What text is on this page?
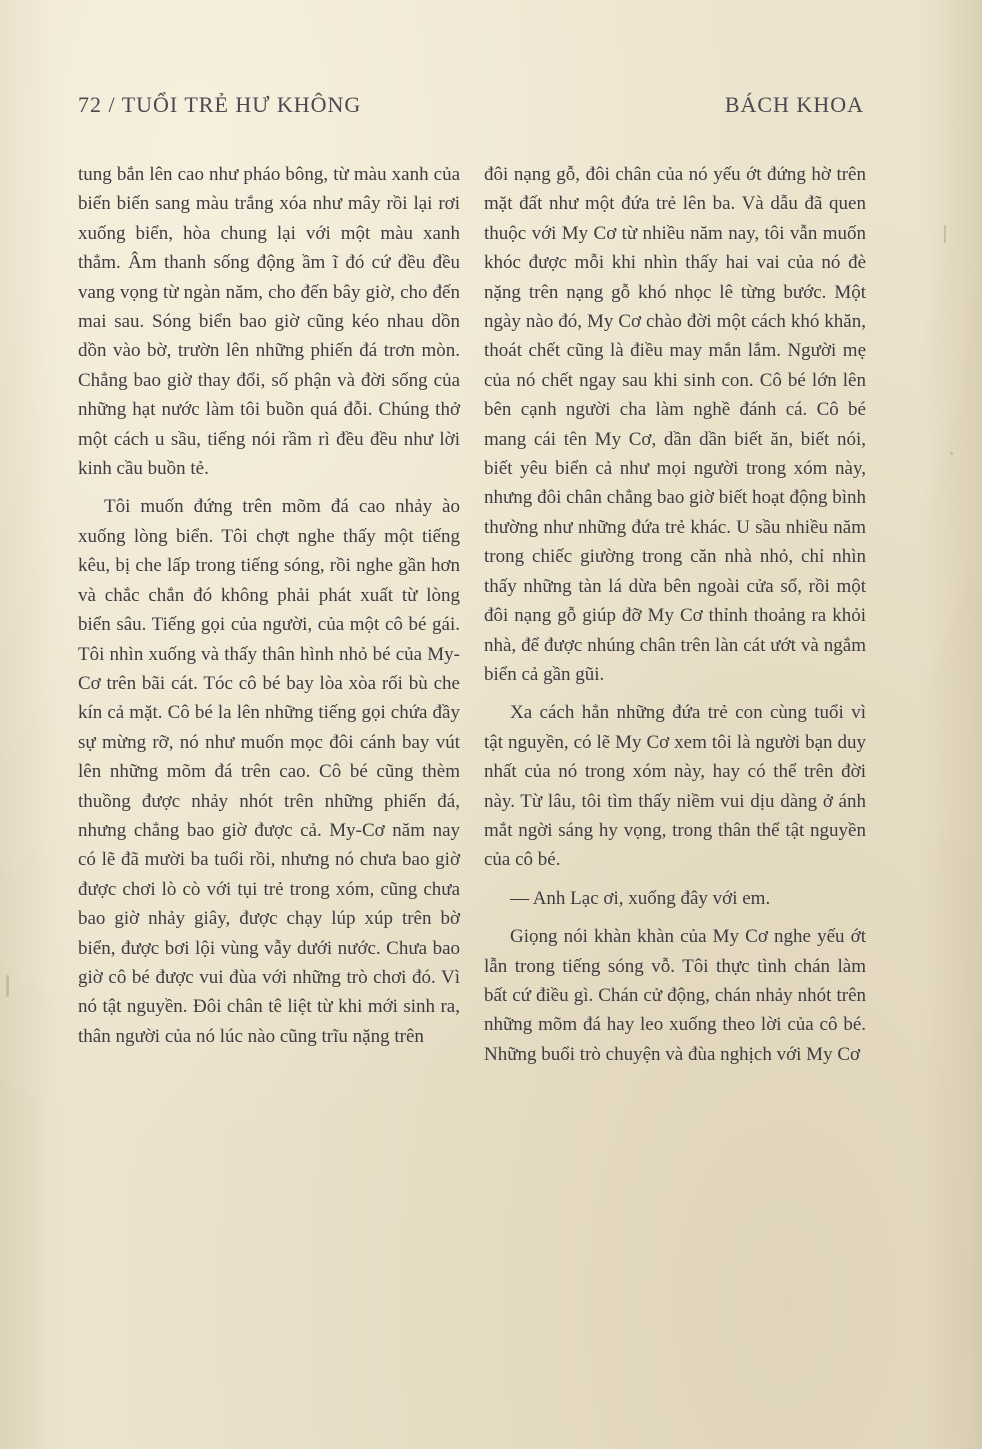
72 / TUỔI TRẺ HƯ KHÔNG	BÁCH KHOA

tung bắn lên cao như pháo bông, từ màu xanh của biển biến sang màu trắng xóa như mây rồi lại rơi xuống biển, hòa chung lại với một màu xanh thẳm. Âm thanh sống động ầm ĩ đó cứ đều đều vang vọng từ ngàn năm, cho đến bây giờ, cho đến mai sau. Sóng biển bao giờ cũng kéo nhau dồn dồn vào bờ, trườn lên những phiến đá trơn mòn. Chẳng bao giờ thay đổi, số phận và đời sống của những hạt nước làm tôi buồn quá đỗi. Chúng thở một cách u sầu, tiếng nói rầm rì đều đều như lời kinh cầu buồn tẻ.

Tôi muốn đứng trên mõm đá cao nhảy ào xuống lòng biển. Tôi chợt nghe thấy một tiếng kêu, bị che lấp trong tiếng sóng, rồi nghe gần hơn và chắc chắn đó không phải phát xuất từ lòng biển sâu. Tiếng gọi của người, của một cô bé gái. Tôi nhìn xuống và thấy thân hình nhỏ bé của My-Cơ trên bãi cát. Tóc cô bé bay lòa xòa rối bù che kín cả mặt. Cô bé la lên những tiếng gọi chứa đầy sự mừng rỡ, nó như muốn mọc đôi cánh bay vút lên những mõm đá trên cao. Cô bé cũng thèm thuồng được nhảy nhót trên những phiến đá, nhưng chẳng bao giờ được cả. My-Cơ năm nay có lẽ đã mười ba tuổi rồi, nhưng nó chưa bao giờ được chơi lò cò với tụi trẻ trong xóm, cũng chưa bao giờ nhảy giây, được chạy lúp xúp trên bờ biển, được bơi lội vùng vẫy dưới nước. Chưa bao giờ cô bé được vui đùa với những trò chơi đó. Vì nó tật nguyền. Đôi chân tê liệt từ khi mới sinh ra, thân người của nó lúc nào cũng trĩu nặng trên

đôi nạng gỗ, đôi chân của nó yếu ớt đứng hờ trên mặt đất như một đứa trẻ lên ba. Và dẫu đã quen thuộc với My Cơ từ nhiều năm nay, tôi vẫn muốn khóc được mỗi khi nhìn thấy hai vai của nó đè nặng trên nạng gỗ khó nhọc lê từng bước. Một ngày nào đó, My Cơ chào đời một cách khó khăn, thoát chết cũng là điều may mắn lắm. Người mẹ của nó chết ngay sau khi sinh con. Cô bé lớn lên bên cạnh người cha làm nghề đánh cá. Cô bé mang cái tên My Cơ, dần dần biết ăn, biết nói, biết yêu biển cả như mọi người trong xóm này, nhưng đôi chân chẳng bao giờ biết hoạt động bình thường như những đứa trẻ khác. U sầu nhiều năm trong chiếc giường trong căn nhà nhỏ, chỉ nhìn thấy những tàn lá dừa bên ngoài cửa sổ, rồi một đôi nạng gỗ giúp đỡ My Cơ thỉnh thoảng ra khỏi nhà, để được nhúng chân trên làn cát ướt và ngắm biển cả gần gũi.

Xa cách hẳn những đứa trẻ con cùng tuổi vì tật nguyền, có lẽ My Cơ xem tôi là người bạn duy nhất của nó trong xóm này, hay có thể trên đời này. Từ lâu, tôi tìm thấy niềm vui dịu dàng ở ánh mắt ngời sáng hy vọng, trong thân thể tật nguyền của cô bé.

— Anh Lạc ơi, xuống đây với em.

Giọng nói khàn khàn của My Cơ nghe yếu ớt lẫn trong tiếng sóng vỗ. Tôi thực tình chán làm bất cứ điều gì. Chán cử động, chán nhảy nhót trên những mõm đá hay leo xuống theo lời của cô bé. Những buổi trò chuyện và đùa nghịch với My Cơ
